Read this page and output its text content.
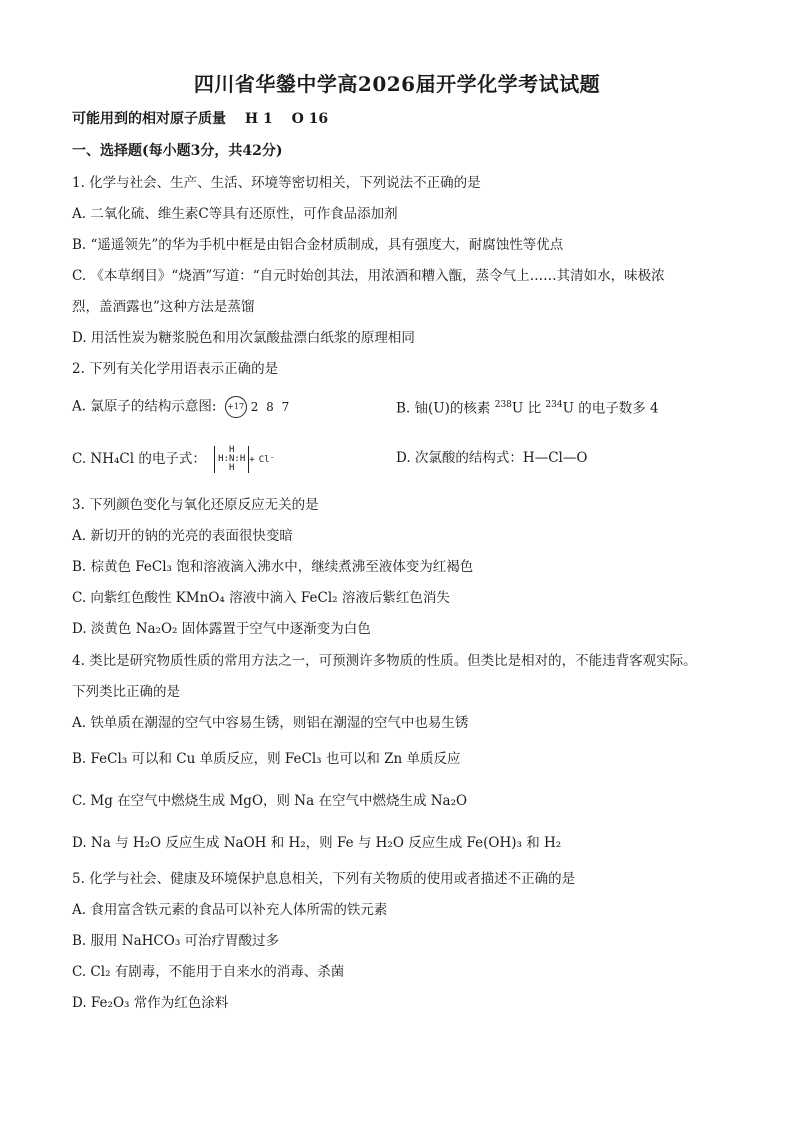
四川省华鎣中学高2026届开学化学考试试题
可能用到的相对原子质量　 H 1　 O 16
一、选择题(每小题3分，共42分)
1. 化学与社会、生产、生活、环境等密切相关，下列说法不正确的是
A. 二氧化硫、维生素C等具有还原性，可作食品添加剂
B. “遥遥领先”的华为手机中框是由铝合金材质制成，具有强度大，耐腐蚀性等优点
C. 《本草纲目》“烧酒”写道：“自元时始创其法，用浓酒和糟入甑，蒸令气上……其清如水，味极浓
烈，盖酒露也”这种方法是蒸馏
D. 用活性炭为糖浆脱色和用次氯酸盐漂白纸浆的原理相同
2. 下列有关化学用语表示正确的是
A. 氯原子的结构示意图:	+17 2 8 7	B. 铀(U)的核素 $^{238}$U 比 $^{234}$U 的电子数多 4
C. NH₄Cl 的电子式：
H
H:N:H
H
+ Cl⁻	D. 次氯酸的结构式：H—Cl—O
3. 下列颜色变化与氧化还原反应无关的是
A. 新切开的钠的光亮的表面很快变暗
B. 棕黄色 FeCl₃ 饱和溶液滴入沸水中，继续煮沸至液体变为红褐色
C. 向紫红色酸性 KMnO₄ 溶液中滴入 FeCl₂ 溶液后紫红色消失
D. 淡黄色 Na₂O₂ 固体露置于空气中逐渐变为白色
4. 类比是研究物质性质的常用方法之一，可预测许多物质的性质。但类比是相对的，不能违背客观实际。
下列类比正确的是
A. 铁单质在潮湿的空气中容易生锈，则铝在潮湿的空气中也易生锈
B. FeCl₃ 可以和 Cu 单质反应，则 FeCl₃ 也可以和 Zn 单质反应
C. Mg 在空气中燃烧生成 MgO，则 Na 在空气中燃烧生成 Na₂O
D. Na 与 H₂O 反应生成 NaOH 和 H₂，则 Fe 与 H₂O 反应生成 Fe(OH)₃ 和 H₂
5. 化学与社会、健康及环境保护息息相关，下列有关物质的使用或者描述不正确的是
A. 食用富含铁元素的食品可以补充人体所需的铁元素
B. 服用 NaHCO₃ 可治疗胃酸过多
C. Cl₂ 有剧毒，不能用于自来水的消毒、杀菌
D. Fe₂O₃ 常作为红色涂料
